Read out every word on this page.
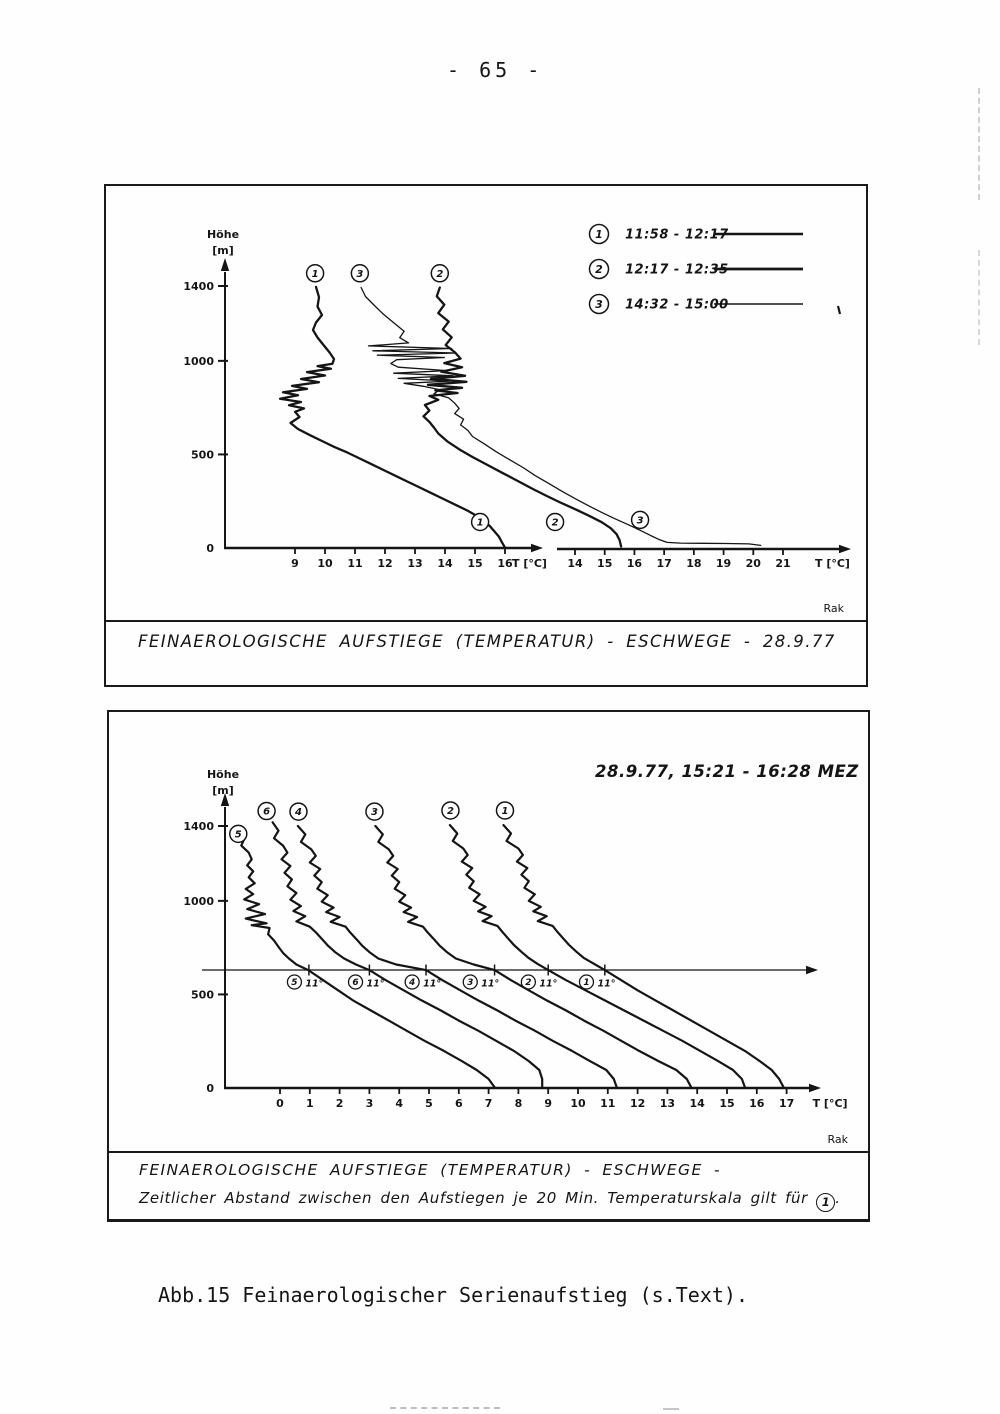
- 65 -
0
500
1000
1400
Höhe
[m]
9 10 11 12 13 14 15 16 T [°C] 14 15 16 17 18 19 20 21 T [°C]
1 11:58 - 12:17
2 12:17 - 12:35
3 14:32 - 15:00
1	3	2
1	2	3
Rak
FEINAEROLOGISCHE AUFSTIEGE (TEMPERATUR) - ESCHWEGE - 28.9.77
0
500
1000
1400
Höhe
[m]
0 1 2 3 4 5 6 7 8 9 10 11 12 13 14 15 16 17 T [°C]
5 11°	6 11°	4 11°	3 11°	2 11°	1 11°
5
6 4	3	2	1
28.9.77, 15:21 - 16:28 MEZ
Rak
FEINAEROLOGISCHE AUFSTIEGE (TEMPERATUR) - ESCHWEGE -
Zeitlicher Abstand zwischen den Aufstiegen je 20 Min. Temperaturskala gilt für 1 .
Abb.15 Feinaerologischer Serienaufstieg (s.Text).
